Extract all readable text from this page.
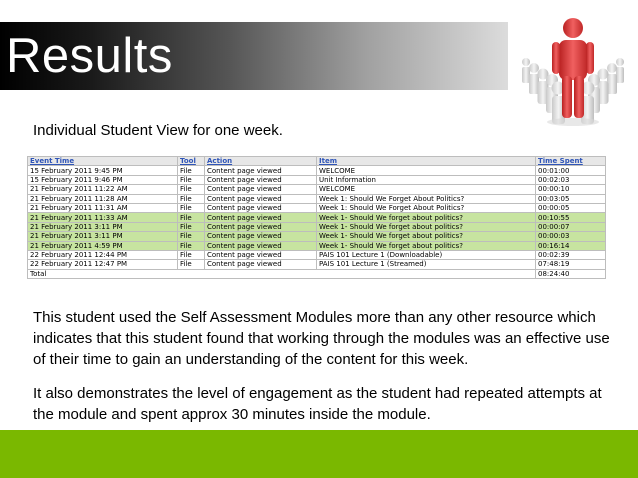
Results
Individual Student View for one week.
Event Time	Tool	Action	Item	Time Spent
15 February 2011 9:45 PM	File	Content page viewed	WELCOME	00:01:00
15 February 2011 9:46 PM	File	Content page viewed	Unit Information	00:02:03
21 February 2011 11:22 AM	File	Content page viewed	WELCOME	00:00:10
21 February 2011 11:28 AM	File	Content page viewed	Week 1: Should We Forget About Politics?	00:03:05
21 February 2011 11:31 AM	File	Content page viewed	Week 1: Should We Forget About Politics?	00:00:05
21 February 2011 11:33 AM	File	Content page viewed	Week 1- Should We forget about politics?	00:10:55
21 February 2011 3:11 PM	File	Content page viewed	Week 1- Should We forget about politics?	00:00:07
21 February 2011 3:11 PM	File	Content page viewed	Week 1- Should We forget about politics?	00:00:03
21 February 2011 4:59 PM	File	Content page viewed	Week 1- Should We forget about politics?	00:16:14
22 February 2011 12:44 PM	File	Content page viewed	PAIS 101 Lecture 1 (Downloadable)	00:02:39
22 February 2011 12:47 PM	File	Content page viewed	PAIS 101 Lecture 1 (Streamed)	07:48:19
Total				08:24:40
This student used the Self Assessment Modules more than any other resource which indicates that this student found that working through the modules was an effective use of their time to gain an understanding of the content for this week.
It also demonstrates the level of engagement as the student had repeated attempts at the module and spent approx 30 minutes inside the module.
